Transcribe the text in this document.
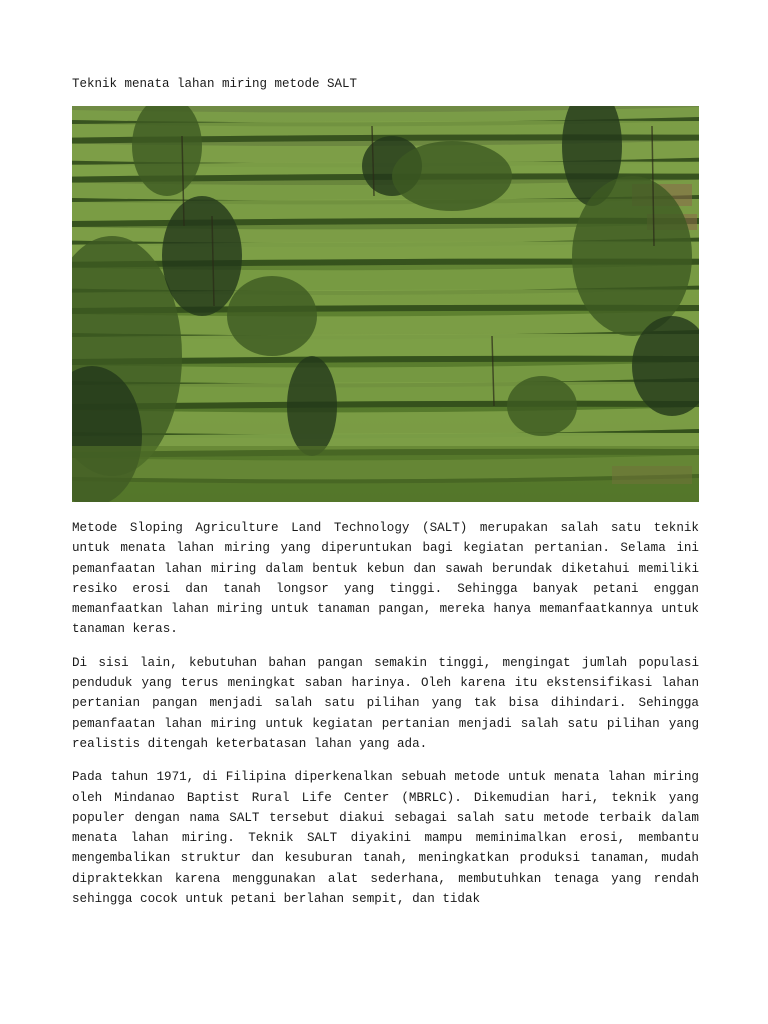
Teknik menata lahan miring metode SALT

Metode Sloping Agriculture Land Technology (SALT) merupakan salah satu teknik untuk menata lahan miring yang diperuntukan bagi kegiatan pertanian. Selama ini pemanfaatan lahan miring dalam bentuk kebun dan sawah berundak diketahui memiliki resiko erosi dan tanah longsor yang tinggi. Sehingga banyak petani enggan memanfaatkan lahan miring untuk tanaman pangan, mereka hanya memanfaatkannya untuk tanaman keras.

Di sisi lain, kebutuhan bahan pangan semakin tinggi, mengingat jumlah populasi penduduk yang terus meningkat saban harinya. Oleh karena itu ekstensifikasi lahan pertanian pangan menjadi salah satu pilihan yang tak bisa dihindari. Sehingga pemanfaatan lahan miring untuk kegiatan pertanian menjadi salah satu pilihan yang realistis ditengah keterbatasan lahan yang ada.

Pada tahun 1971, di Filipina diperkenalkan sebuah metode untuk menata lahan miring oleh Mindanao Baptist Rural Life Center (MBRLC). Dikemudian hari, teknik yang populer dengan nama SALT tersebut diakui sebagai salah satu metode terbaik dalam menata lahan miring. Teknik SALT diyakini mampu meminimalkan erosi, membantu mengembalikan struktur dan kesuburan tanah, meningkatkan produksi tanaman, mudah dipraktekkan karena menggunakan alat sederhana, membutuhkan tenaga yang rendah sehingga cocok untuk petani berlahan sempit, dan tidak
